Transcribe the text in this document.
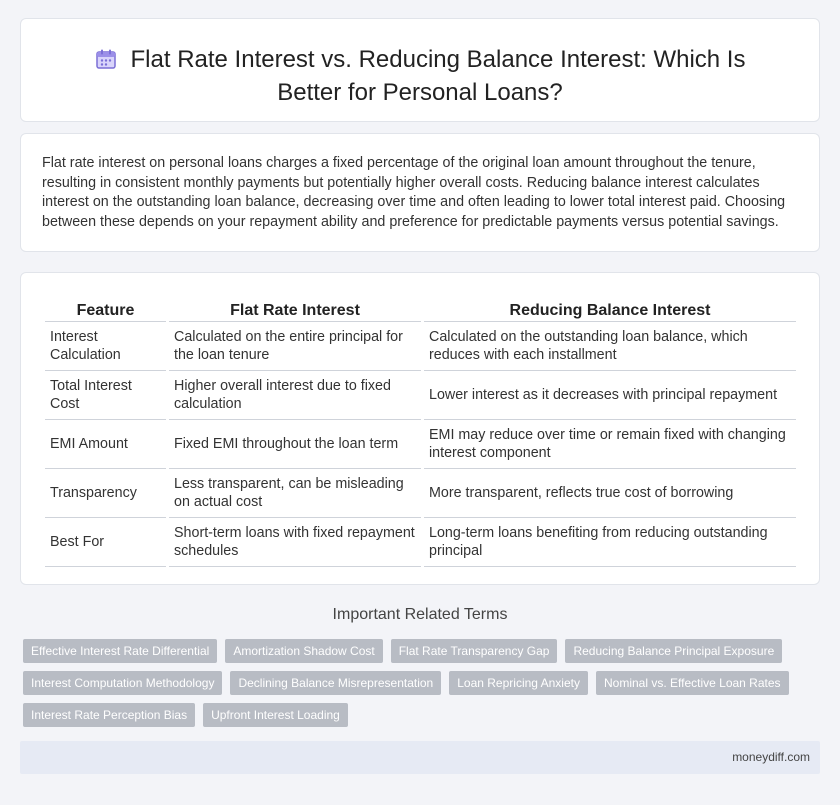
Flat Rate Interest vs. Reducing Balance Interest: Which Is Better for Personal Loans?

Flat rate interest on personal loans charges a fixed percentage of the original loan amount throughout the tenure, resulting in consistent monthly payments but potentially higher overall costs. Reducing balance interest calculates interest on the outstanding loan balance, decreasing over time and often leading to lower total interest paid. Choosing between these depends on your repayment ability and preference for predictable payments versus potential savings.

Feature	Flat Rate Interest	Reducing Balance Interest
Interest Calculation	Calculated on the entire principal for the loan tenure	Calculated on the outstanding loan balance, which reduces with each installment
Total Interest Cost	Higher overall interest due to fixed calculation	Lower interest as it decreases with principal repayment
EMI Amount	Fixed EMI throughout the loan term	EMI may reduce over time or remain fixed with changing interest component
Transparency	Less transparent, can be misleading on actual cost	More transparent, reflects true cost of borrowing
Best For	Short-term loans with fixed repayment schedules	Long-term loans benefiting from reducing outstanding principal
Important Related Terms
Effective Interest Rate Differential	Amortization Shadow Cost	Flat Rate Transparency Gap	Reducing Balance Principal Exposure
Interest Computation Methodology	Declining Balance Misrepresentation	Loan Repricing Anxiety	Nominal vs. Effective Loan Rates
Interest Rate Perception Bias	Upfront Interest Loading
moneydiff.com
